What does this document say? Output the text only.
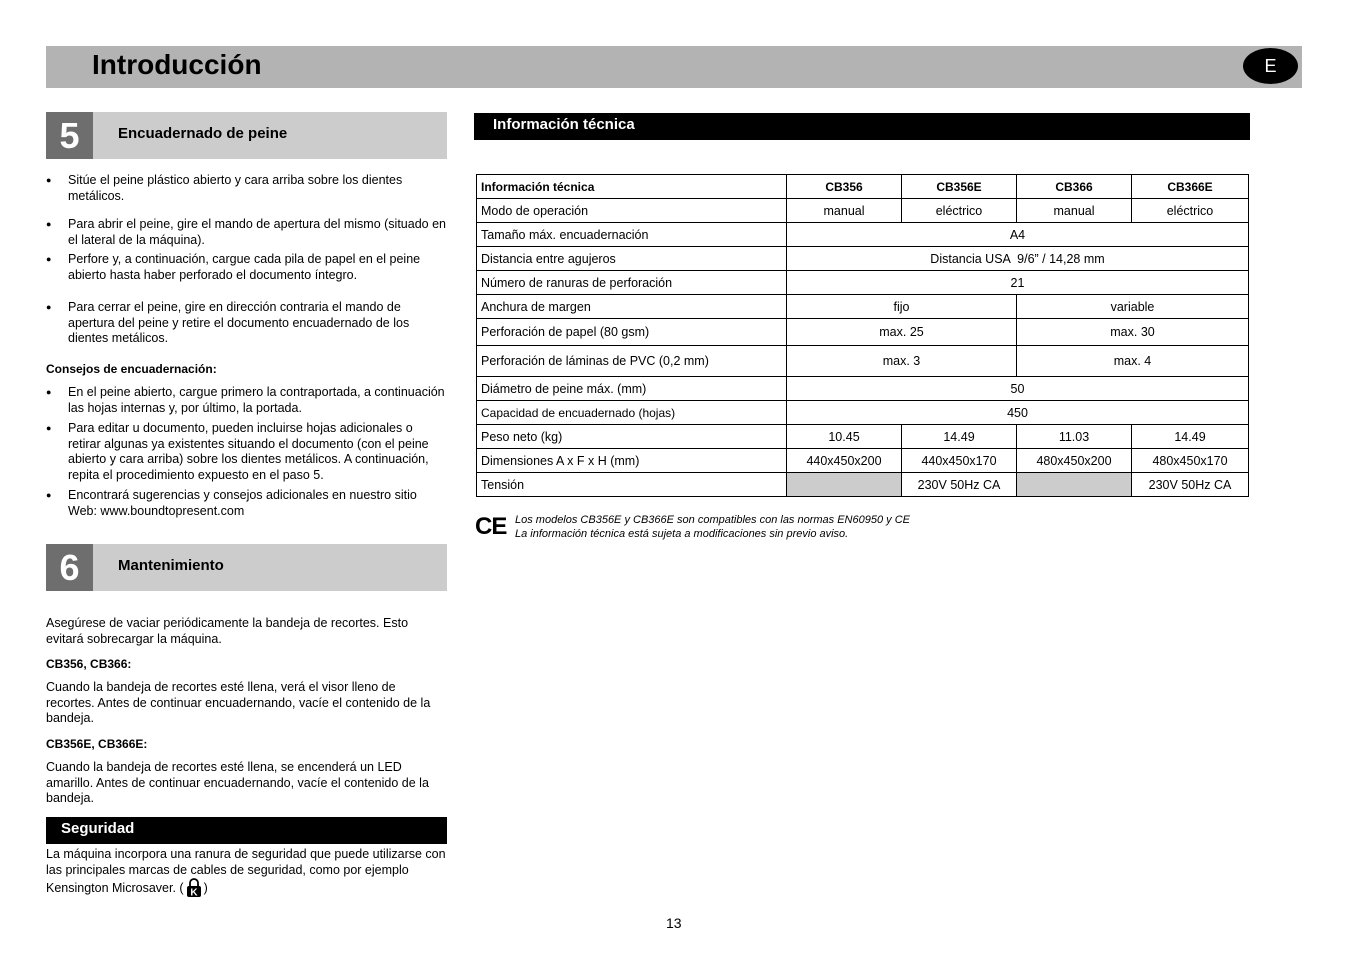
Introducción	E
5	Encuadernado de peine
● Sitúe el peine plástico abierto y cara arriba sobre los dientes metálicos.
● Para abrir el peine, gire el mando de apertura del mismo (situado en el lateral de la máquina).
● Perfore y, a continuación, cargue cada pila de papel en el peine abierto hasta haber perforado el documento íntegro.
● Para cerrar el peine, gire en dirección contraria el mando de apertura del peine y retire el documento encuadernado de los dientes metálicos.
Consejos de encuadernación:
● En el peine abierto, cargue primero la contraportada, a continuación las hojas internas y, por último, la portada.
● Para editar u documento, pueden incluirse hojas adicionales o retirar algunas ya existentes situando el documento (con el peine abierto y cara arriba) sobre los dientes metálicos. A continuación, repita el procedimiento expuesto en el paso 5.
● Encontrará sugerencias y consejos adicionales en nuestro sitio Web: www.boundtopresent.com
6	Mantenimiento

Asegúrese de vaciar periódicamente la bandeja de recortes. Esto evitará sobrecargar la máquina.

CB356, CB366:

Cuando la bandeja de recortes esté llena, verá el visor lleno de recortes. Antes de continuar encuadernando, vacíe el contenido de la bandeja.

CB356E, CB366E:

Cuando la bandeja de recortes esté llena, se encenderá un LED amarillo. Antes de continuar encuadernando, vacíe el contenido de la bandeja.

Seguridad

La máquina incorpora una ranura de seguridad que puede utilizarse con las principales marcas de cables de seguridad, como por ejemplo Kensington Microsaver. ( K )

Información técnica
Información técnica	CB356	CB356E	CB366	CB366E
Modo de operación	manual	eléctrico	manual	eléctrico
Tamaño máx. encuadernación	A4			
Distancia entre agujeros	Distancia USA  9/6” / 14,28 mm			
Número de ranuras de perforación	21			
Anchura de margen	fijo		variable	
Perforación de papel (80 gsm)	max. 25		max. 30	
Perforación de láminas de PVC (0,2 mm)	max. 3		max. 4	
Diámetro de peine máx. (mm)	50			
Capacidad de encuadernado (hojas)	450			
Peso neto (kg)	10.45	14.49	11.03	14.49
Dimensiones A x F x H (mm)	440x450x200	440x450x170	480x450x200	480x450x170
Tensión		230V 50Hz CA		230V 50Hz CA
CE Los modelos CB356E y CB366E son compatibles con las normas EN60950 y CE
La información técnica está sujeta a modificaciones sin previo aviso.
13
